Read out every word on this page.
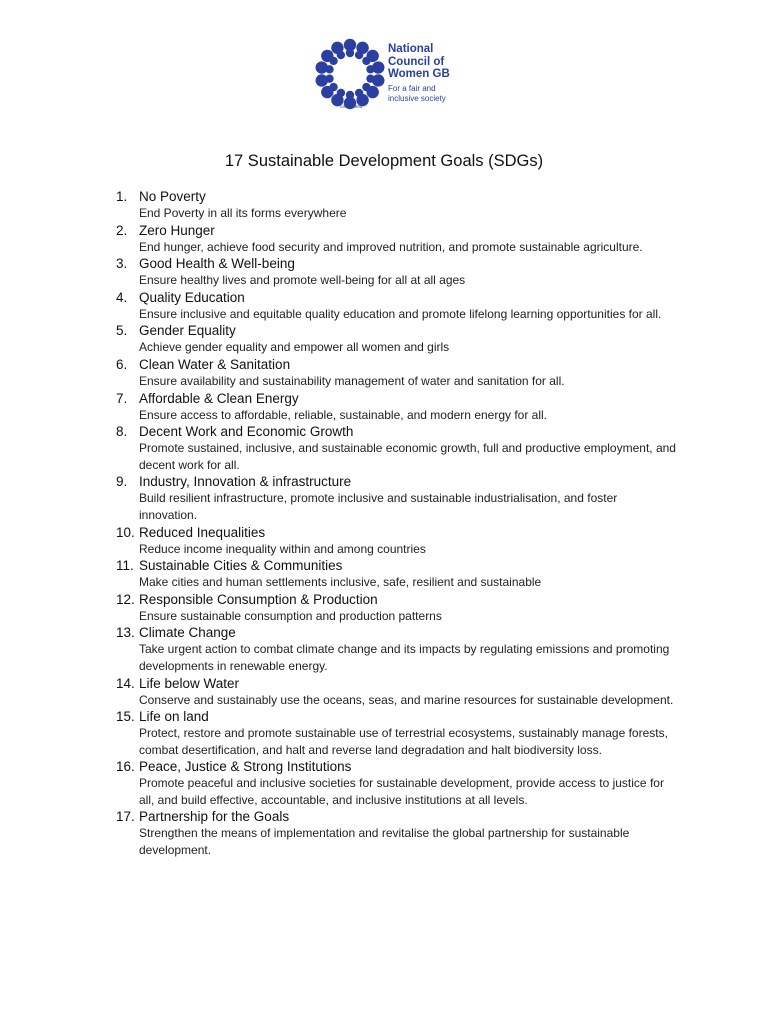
National
Council of
Women GB
For a fair and
inclusive society
Since 1895
17 Sustainable Development Goals (SDGs)
1. No Poverty
End Poverty in all its forms everywhere
2. Zero Hunger
End hunger, achieve food security and improved nutrition, and promote sustainable agriculture.
3. Good Health & Well-being
Ensure healthy lives and promote well-being for all at all ages
4. Quality Education
Ensure inclusive and equitable quality education and promote lifelong learning opportunities for all.
5. Gender Equality
Achieve gender equality and empower all women and girls
6. Clean Water & Sanitation
Ensure availability and sustainability management of water and sanitation for all.
7. Affordable & Clean Energy
Ensure access to affordable, reliable, sustainable, and modern energy for all.
8. Decent Work and Economic Growth
Promote sustained, inclusive, and sustainable economic growth, full and productive employment, and decent work for all.
9. Industry, Innovation & infrastructure
Build resilient infrastructure, promote inclusive and sustainable industrialisation, and foster innovation.
10. Reduced Inequalities
Reduce income inequality within and among countries
11. Sustainable Cities & Communities
Make cities and human settlements inclusive, safe, resilient and sustainable
12. Responsible Consumption & Production
Ensure sustainable consumption and production patterns
13. Climate Change
Take urgent action to combat climate change and its impacts by regulating emissions and promoting developments in renewable energy.
14. Life below Water
Conserve and sustainably use the oceans, seas, and marine resources for sustainable development.
15. Life on land
Protect, restore and promote sustainable use of terrestrial ecosystems, sustainably manage forests, combat desertification, and halt and reverse land degradation and halt biodiversity loss.
16. Peace, Justice & Strong Institutions
Promote peaceful and inclusive societies for sustainable development, provide access to justice for all, and build effective, accountable, and inclusive institutions at all levels.
17. Partnership for the Goals
Strengthen the means of implementation and revitalise the global partnership for sustainable development.
